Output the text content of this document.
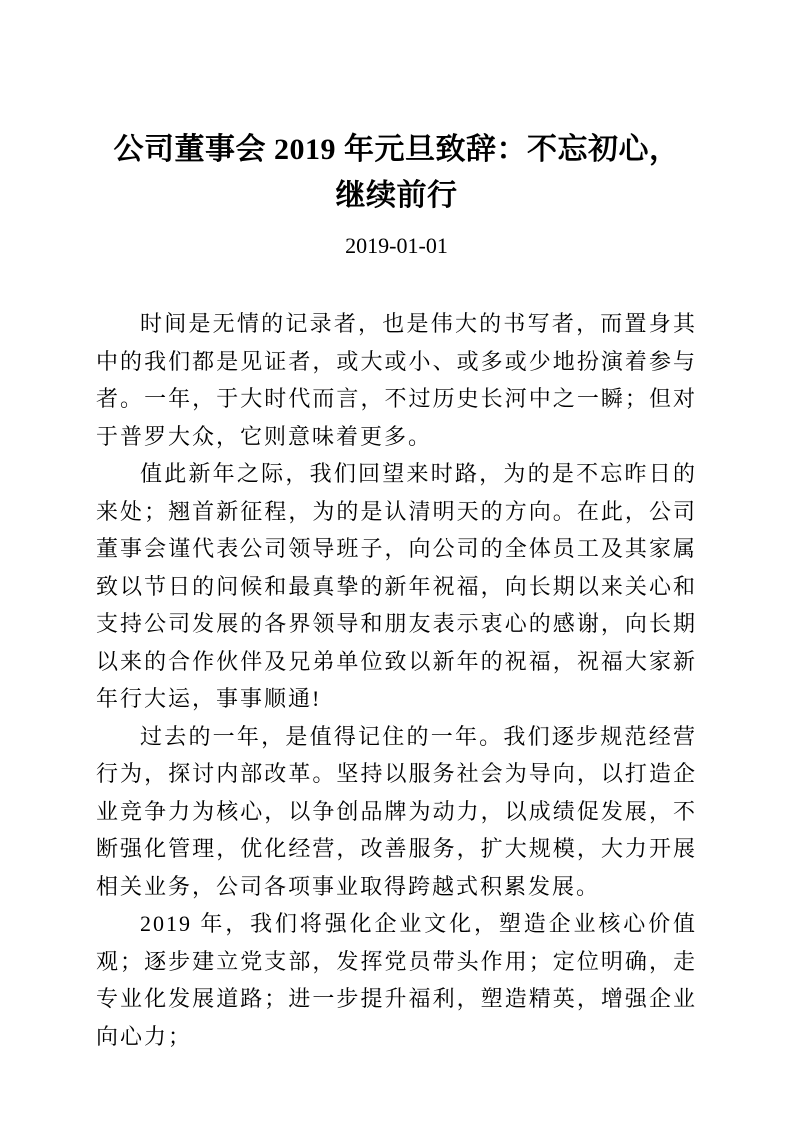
公司董事会 2019 年元旦致辞：不忘初心，
继续前行
2019-01-01

时间是无情的记录者，也是伟大的书写者，而置身其中的我们都是见证者，或大或小、或多或少地扮演着参与者。一年，于大时代而言，不过历史长河中之一瞬；但对于普罗大众，它则意味着更多。

值此新年之际，我们回望来时路，为的是不忘昨日的来处；翘首新征程，为的是认清明天的方向。在此，公司董事会谨代表公司领导班子，向公司的全体员工及其家属致以节日的问候和最真挚的新年祝福，向长期以来关心和支持公司发展的各界领导和朋友表示衷心的感谢，向长期以来的合作伙伴及兄弟单位致以新年的祝福，祝福大家新年行大运，事事顺通!

过去的一年，是值得记住的一年。我们逐步规范经营行为，探讨内部改革。坚持以服务社会为导向，以打造企业竞争力为核心，以争创品牌为动力，以成绩促发展，不断强化管理，优化经营，改善服务，扩大规模，大力开展相关业务，公司各项事业取得跨越式积累发展。

2019 年，我们将强化企业文化，塑造企业核心价值观；逐步建立党支部，发挥党员带头作用；定位明确，走专业化发展道路；进一步提升福利，塑造精英，增强企业向心力；
